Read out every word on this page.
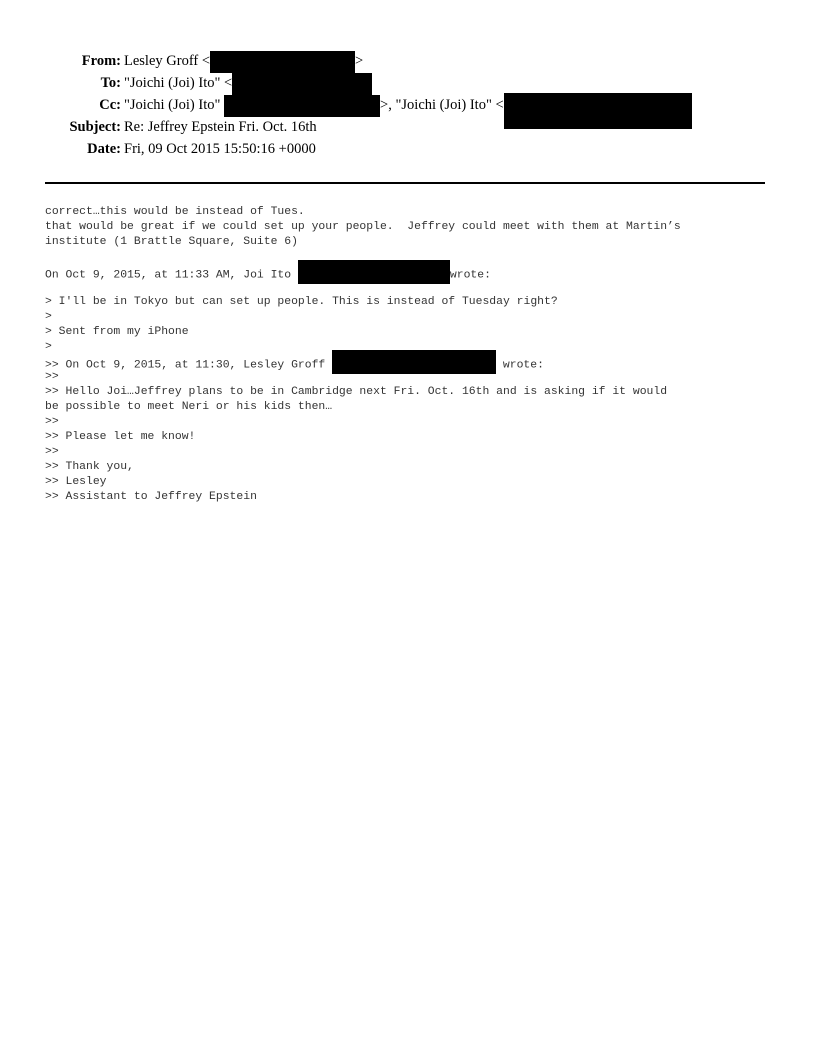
From: Lesley Groff <	>
To: "Joichi (Joi) Ito" <
Cc: "Joichi (Joi) Ito"	>, "Joichi (Joi) Ito" <
Subject: Re: Jeffrey Epstein Fri. Oct. 16th
Date: Fri, 09 Oct 2015 15:50:16 +0000
correct…this would be instead of Tues.
that would be great if we could set up your people.  Jeffrey could meet with them at Martin’s
institute (1 Brattle Square, Suite 6)
On Oct 9, 2015, at 11:33 AM, Joi Ito	wrote:
> I'll be in Tokyo but can set up people. This is instead of Tuesday right?
>
> Sent from my iPhone
>
>> On Oct 9, 2015, at 11:30, Lesley Groff	wrote:
>>
>> Hello Joi…Jeffrey plans to be in Cambridge next Fri. Oct. 16th and is asking if it would
be possible to meet Neri or his kids then…
>>
>> Please let me know!
>>
>> Thank you,
>> Lesley
>> Assistant to Jeffrey Epstein
